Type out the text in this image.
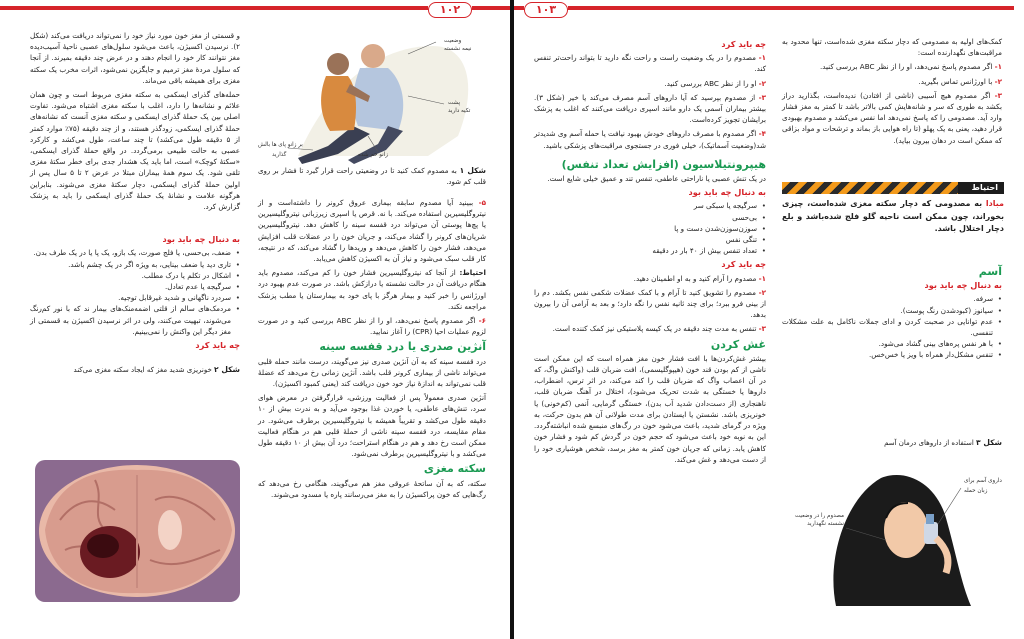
۱۰۲

و قسمتی از مغز خون مورد نیاز خود را نمی‌تواند دریافت می‌کند (شکل ۲). نرسیدن اکسیژن، باعث می‌شود سلول‌های عصبی ناحیهٔ آسیب‌دیده مغز نتوانند کار خود را انجام دهند و در عرض چند دقیقه بمیرند. از آنجا که سلول مردهٔ مغز ترمیم و جایگزین نمی‌شود، اثرات مخرب یک سکته مغزی برای همیشه باقی می‌ماند.

حمله‌های گذرای ایسکمی به سکته مغزی مربوط است و چون همان علائم و نشانه‌ها را دارد، اغلب با سکته مغزی اشتباه می‌شود. تفاوت اصلی بین یک حملهٔ گذرای ایسکمی و سکته مغزی آنست که نشانه‌های حملهٔ گذرای ایسکمی، زودگذر هستند، و از چند دقیقه (۷۵٪ موارد کمتر از ۵ دقیقه طول می‌کشد) تا چند ساعت، طول می‌کشد و کارکرد عصبی به حالت طبیعی برمی‌گردد. در واقع حملهٔ گذرای ایسکمی، «سکتهٔ کوچک» است، اما باید یک هشدار جدی برای خطر سکتهٔ مغزی تلقی شود. یک سوم همهٔ بیماران مبتلا در عرض ۲ تا ۵ سال پس از اولین حملهٔ گذرای ایسکمی، دچار سکتهٔ مغزی می‌شوند. بنابراین هرگونه علامت و نشانهٔ یک حملهٔ گذرای ایسکمی را باید به پزشک گزارش کرد.

به دنبال چه باید بود
• ضعف، بی‌حسی، یا فلج صورت، یک بازو، یک پا یا در یک طرف بدن.
• تاری دید یا ضعف بینایی، به ویژه اگر در یک چشم باشد.
• اشکال در تکلم یا درک مطلب.
• سرگیجه یا عدم تعادل.
• سردرد ناگهانی و شدید غیرقابل توجیه.
• مردمک‌های سالم از قلتی اضمه‌منک‌های بیمار ند که با نور کم‌رنگ می‌شوند، تبهیت می‌کنند، ولی در اثر نرسیدن اکسیژن به قسمتی از مغز دیگر این واکنش را نمی‌بینیم.
چه باید کرد
شکل ۲ خونریزی شدید مغز که ایجاد سکته مغزی می‌کند
وضعیت
نیمه نشسته
پشت
تکیه دارید
زانو خم شده
بر زانو پای ها بالش
گذارید
شکل ۱ به مصدوم کمک کنید تا در وضعیتی راحت قرار گیرد تا فشار بر روی قلب کم شود.

۵- ببینید آیا مصدوم سابقه بیماری عروق کرونر را داشته‌است و از نیتروگلیسیرین استفاده می‌کند. با نه. قرص یا اسپری زیرزبانی نیتروگلیسیرین یا پچ‌ها پوستی آن می‌تواند درد قفسه سینه را کاهش دهد. نیتروگلیسیرین شریان‌های کرونر را گشاد می‌کند، و جریان خون را در عضلات قلب افزایش می‌دهد، فشار خون را کاهش می‌دهد و وریدها را گشاد می‌کند، که در نتیجه، کار قلب سبک می‌شود و نیاز آن به اکسیژن کاهش می‌یابد.

احتیاط: از آنجا که نیتروگلیسیرین فشار خون را کم می‌کند، مصدوم باید هنگام دریافت آن در حالت نشسته یا درازکش باشد. در صورت عدم بهبود درد اورژانس را خبر کنید و بیمار هرگز با پای خود به بیمارستان یا مطب پزشک مراجعه نکند.

۶- اگر مصدوم پاسخ نمی‌دهد، او را از نظر ABC بررسی کنید و در صورت لزوم عملیات احیا (CPR) را آغاز نمایید.

آنژین صدری یا درد قفسه سینه

درد قفسه سینه که به آن آنژین صدری نیز می‌گویند، درست مانند حمله قلبی می‌تواند ناشی از بیماری کرونر قلب باشد. آنژین زمانی رخ می‌دهد که عضلهٔ قلب نمی‌تواند به اندازهٔ نیاز خود خون دریافت کند (یعنی کمبود اکسیژن).

آنژین صدری معمولاً پس از فعالیت ورزشی، قرارگرفتن در معرض هوای سرد، تنش‌های عاطفی، یا خوردن غذا بوجود می‌آید و به ندرت بیش از ۱۰ دقیقه طول می‌کشد و تقریباً همیشه با نیتروگلیسیرین برطرف می‌شود. در مقام مقایسه، درد قفسه سینه ناشی از حملهٔ قلبی هم در هنگام فعالیت ممکن است رخ دهد و هم در هنگام استراحت؛ درد آن بیش از ۱۰ دقیقه طول می‌کشد و با نیتروگلیسیرین برطرف نمی‌شود.

سکته مغزی

سکته، که به آن ساتحهٔ عروقی مغز هم می‌گویند، هنگامی رخ می‌دهد که رگ‌هایی که خون پراکسیژن را به مغز می‌رسانند پاره یا مسدود می‌شوند.

۱۰۳
چه باید کرد

۱- مصدوم را در یک وضعیت راست و راحت نگه دارید تا بتواند راحت‌تر تنفس کند.

۲- او را از نظر ABC بررسی کنید.

۳- از مصدوم بپرسید که آیا داروهای آسم مصرف می‌کند یا خیر (شکل ۳). بیشتر بیماران آسمی یک دارو مانند اسپری دریافت می‌کنند که اغلب به پزشک برایشان تجویز کرده‌است.

۴- اگر مصدوم با مصرف داروهای خودش بهبود نیافت یا حمله آسم وی شدیدتر شد(وضعیت آسماتیک)، خیلی فوری در جستجوی مراقبت‌های پزشکی باشید.

هیپرونتیلاسیون (افزایش تعداد تنفس)

در یک تنش عصبی یا ناراحتی عاطفی، تنفس تند و عمیق خیلی شایع است.

به دنبال چه باید بود
• سرگیجه یا سبکی سر
• بی‌حسی
• سوزن‌سوزن‌شدن دست و پا
• تنگی نفس
• تعداد تنفس بیش از ۴۰ بار در دقیقه
چه باید کرد

۱- مصدوم را آرام کنید و به او اطمینان دهید.

۲- مصدوم را تشویق کنید تا آرام و با کمک عضلات شکمی نفس بکشد. دم را از بینی فرو ببرد؛ برای چند ثانیه نفس را نگه دارد؛ و بعد به آرامی آن را بیرون بدهد.

۳- تنفس به مدت چند دقیقه در یک کیسه پلاستیکی نیز کمک کننده است.

غش کردن

بیشتر غش‌کردن‌ها با افت فشار خون مغز همراه است که این ممکن است ناشی از کم بودن قند خون (هیپوگلیسمی)، افت ضربان قلب (واکنش واگ، که در آن اعصاب واگ که ضربان قلب را کند می‌کند، در اثر ترس، اضطراب، داروها یا خستگی به شدت تحریک می‌شود)، اختلال در آهنگ ضربان قلب، ناهنجاری (از دست‌دادن شدید آب بدن)، خستگی گرمایی، آنمی (کم‌خونی) یا خونریزی باشد. نشستن یا ایستادن برای مدت طولانی آن هم بدون حرکت، به ویژه در گرمای شدید، باعث می‌شود خون در رگ‌های منبسع شده انباشته‌گردد. این به نوبه خود باعث می‌شود که حجم خون در گردش کم شود و فشار خون کاهش یابد. زمانی که جریان خون کمتر به مغز برسد، شخص هوشیاری خود را از دست می‌دهد و غش می‌کند.

کمک‌های اولیه به مصدومی که دچار سکته مغزی شده‌است، تنها محدود به مراقبت‌های نگهدارنده است:

۱- اگر مصدوم پاسخ نمی‌دهد، او را از نظر ABC بررسی کنید.

۲- با اورژانس تماس بگیرید.

۳- اگر مصدوم هیچ آسیبی (ناشی از افتادن) ندیده‌است، بگذارید دراز بکشد به طوری که سر و شانه‌هایش کمی بالاتر باشد تا کمتر به مغز فشار وارد آید. مصدومی را که پاسخ نمی‌دهد اما نفس می‌کشد و مصدوم بهبودی قرار دهید، یعنی به یک پهلو (تا راه هوایی باز بماند و ترشحات و مواد بزاقی که ممکن است در دهان بیرون بیاید).

احتیاط
مبادا به مصدومی که دچار سکته مغزی شده‌است، چیزی بخوراند، چون ممکن است ناحیه گلو فلج شده‌باشد و بلع دچار اختلال باشد.
آسم
به دنبال چه باید بود
• سرفه.
• سیانوز (کبودشدن رنگ پوست).
• عدم توانایی در صحبت کردن و ادای جملات ناکامل به علت مشکلات تنفسی.
• با هر نفس پره‌های بینی گشاد می‌شود.
• تنفس مشکل‌دار همراه با ویز یا خس‌خس.
شکل ۳ استفاده از داروهای درمان آسم
داروی آسم برای
زبان حمله
مصدوم را در وضعیت نشسته نگهدارید
